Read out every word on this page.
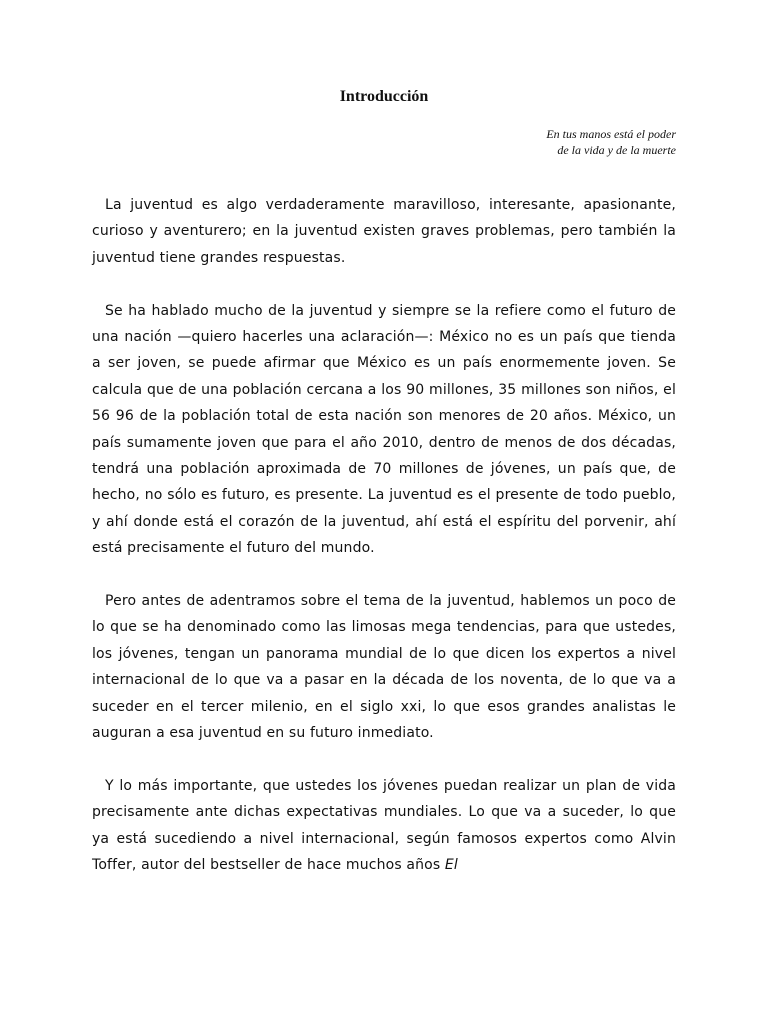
Introducción
En tus manos está el poder
de la vida y de la muerte

La juventud es algo verdaderamente maravilloso, interesante, apasionante, curioso y aventurero; en la juventud existen graves problemas, pero también la juventud tiene grandes respuestas.

Se ha hablado mucho de la juventud y siempre se la refiere como el futuro de una nación —quiero hacerles una aclaración—: México no es un país que tienda a ser joven, se puede afirmar que México es un país enormemente joven. Se calcula que de una población cercana a los 90 millones, 35 millones son niños, el 56 96 de la población total de esta nación son menores de 20 años. México, un país sumamente joven que para el año 2010, dentro de menos de dos décadas, tendrá una población aproximada de 70 millones de jóvenes, un país que, de hecho, no sólo es futuro, es presente. La juventud es el presente de todo pueblo, y ahí donde está el corazón de la juventud, ahí está el espíritu del porvenir, ahí está precisamente el futuro del mundo.

Pero antes de adentramos sobre el tema de la juventud, hablemos un poco de lo que se ha denominado como las limosas mega tendencias, para que ustedes, los jóvenes, tengan un panorama mundial de lo que dicen los expertos a nivel internacional de lo que va a pasar en la década de los noventa, de lo que va a suceder en el tercer milenio, en el siglo xxi, lo que esos grandes analistas le auguran a esa juventud en su futuro inmediato.

Y lo más importante, que ustedes los jóvenes puedan realizar un plan de vida precisamente ante dichas expectativas mundiales. Lo que va a suceder, lo que ya está sucediendo a nivel internacional, según famosos expertos como Alvin Toffer, autor del bestseller de hace muchos años El
